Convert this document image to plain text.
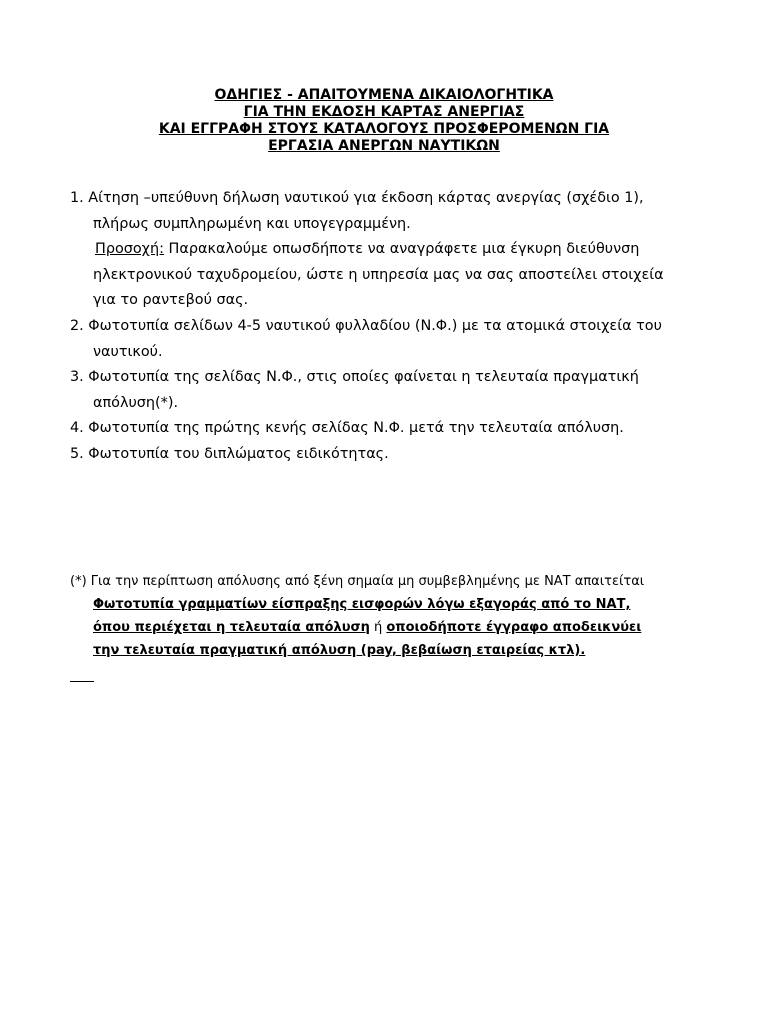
ΟΔΗΓΙΕΣ - ΑΠΑΙΤΟΥΜΕΝΑ ΔΙΚΑΙΟΛΟΓΗΤΙΚΑ
ΓΙΑ ΤΗΝ ΕΚΔΟΣΗ ΚΑΡΤΑΣ ΑΝΕΡΓΙΑΣ
ΚΑΙ ΕΓΓΡΑΦΗ ΣΤΟΥΣ ΚΑΤΑΛΟΓΟΥΣ ΠΡΟΣΦΕΡΟΜΕΝΩΝ ΓΙΑ
ΕΡΓΑΣΙΑ ΑΝΕΡΓΩΝ ΝΑΥΤΙΚΩΝ
1. Αίτηση –υπεύθυνη δήλωση ναυτικού για έκδοση κάρτας ανεργίας (σχέδιο 1),
πλήρως συμπληρωμένη και υπογεγραμμένη.
Προσοχή: Παρακαλούμε οπωσδήποτε να αναγράφετε μια έγκυρη διεύθυνση
ηλεκτρονικού ταχυδρομείου, ώστε η υπηρεσία μας να σας αποστείλει στοιχεία
για το ραντεβού σας.
2. Φωτοτυπία σελίδων 4-5 ναυτικού φυλλαδίου (Ν.Φ.) με τα ατομικά στοιχεία του
ναυτικού.
3. Φωτοτυπία της σελίδας Ν.Φ., στις οποίες φαίνεται η τελευταία πραγματική
απόλυση(*).
4. Φωτοτυπία της πρώτης κενής σελίδας Ν.Φ. μετά την τελευταία απόλυση.
5. Φωτοτυπία του διπλώματος ειδικότητας.
(*) Για την περίπτωση απόλυσης από ξένη σημαία μη συμβεβλημένης με ΝΑΤ απαιτείται
Φωτοτυπία γραμματίων είσπραξης εισφορών λόγω εξαγοράς από το ΝΑΤ,
όπου περιέχεται η τελευταία απόλυση ή οποιοδήποτε έγγραφο αποδεικνύει
την τελευταία πραγματική απόλυση (pay, βεβαίωση εταιρείας κτλ).
